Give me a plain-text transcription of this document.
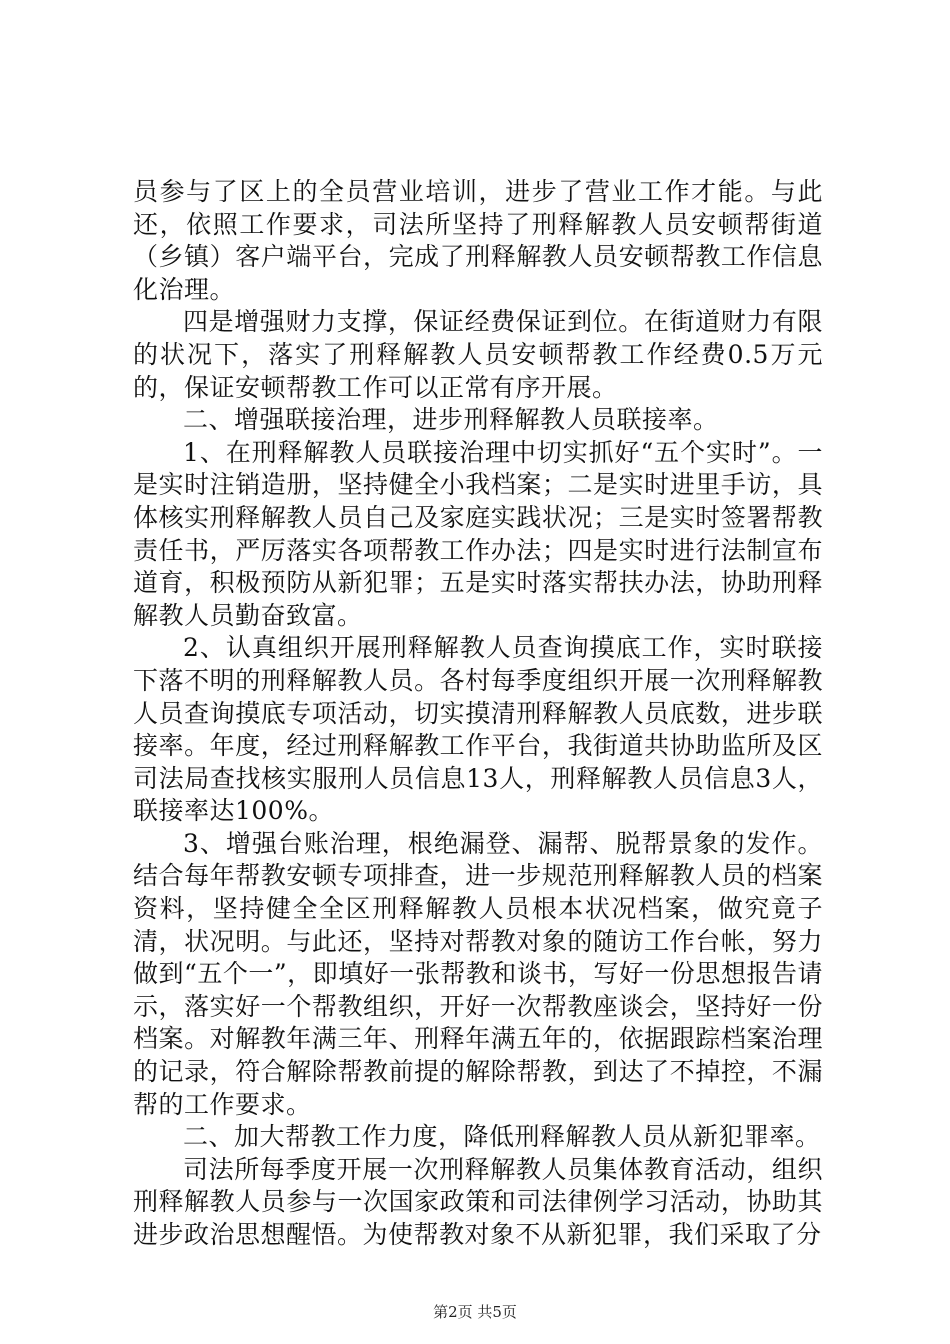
员参与了区上的全员营业培训，进步了营业工作才能。与此还，依照工作要求，司法所坚持了刑释解教人员安顿帮街道（乡镇）客户端平台，完成了刑释解教人员安顿帮教工作信息化治理。

四是增强财力支撑，保证经费保证到位。在街道财力有限的状况下，落实了刑释解教人员安顿帮教工作经费0.5万元的，保证安顿帮教工作可以正常有序开展。

二、增强联接治理，进步刑释解教人员联接率。

1、在刑释解教人员联接治理中切实抓好“五个实时”。一是实时注销造册，坚持健全小我档案；二是实时进里手访，具体核实刑释解教人员自己及家庭实践状况；三是实时签署帮教责任书，严厉落实各项帮教工作办法；四是实时进行法制宣布道育，积极预防从新犯罪；五是实时落实帮扶办法，协助刑释解教人员勤奋致富。

2、认真组织开展刑释解教人员查询摸底工作，实时联接下落不明的刑释解教人员。各村每季度组织开展一次刑释解教人员查询摸底专项活动，切实摸清刑释解教人员底数，进步联接率。年度，经过刑释解教工作平台，我街道共协助监所及区司法局查找核实服刑人员信息13人，刑释解教人员信息3人，联接率达100%。

3、增强台账治理，根绝漏登、漏帮、脱帮景象的发作。结合每年帮教安顿专项排查，进一步规范刑释解教人员的档案资料，坚持健全全区刑释解教人员根本状况档案，做究竟子清，状况明。与此还，坚持对帮教对象的随访工作台帐，努力做到“五个一”，即填好一张帮教和谈书，写好一份思想报告请示，落实好一个帮教组织，开好一次帮教座谈会，坚持好一份档案。对解教年满三年、刑释年满五年的，依据跟踪档案治理的记录，符合解除帮教前提的解除帮教，到达了不掉控，不漏帮的工作要求。

二、加大帮教工作力度，降低刑释解教人员从新犯罪率。

司法所每季度开展一次刑释解教人员集体教育活动，组织刑释解教人员参与一次国家政策和司法律例学习活动，协助其进步政治思想醒悟。为使帮教对象不从新犯罪，我们采取了分

第2页 共5页
